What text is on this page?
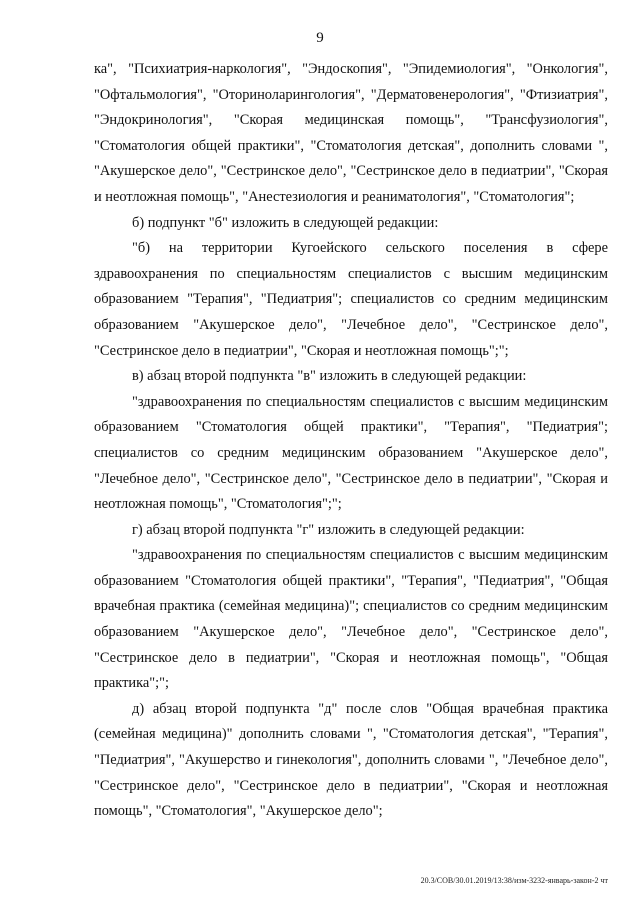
9

ка", "Психиатрия-наркология", "Эндоскопия", "Эпидемиология", "Онкология", "Офтальмология", "Оториноларингология", "Дерматовенерология", "Фтизиатрия", "Эндокринология", "Скорая медицинская помощь", "Трансфузиология", "Стоматология общей практики", "Стоматология детская", дополнить словами ", "Акушерское дело", "Сестринское дело", "Сестринское дело в педиатрии", "Скорая и неотложная помощь", "Анестезиология и реаниматология", "Стоматология";

б) подпункт "б" изложить в следующей редакции:

"б) на территории Кугоейского сельского поселения в сфере здравоохранения по специальностям специалистов с высшим медицинским образованием "Терапия", "Педиатрия"; специалистов со средним медицинским образованием "Акушерское дело", "Лечебное дело", "Сестринское дело", "Сестринское дело в педиатрии", "Скорая и неотложная помощь";";

в) абзац второй подпункта "в" изложить в следующей редакции:

"здравоохранения по специальностям специалистов с высшим медицинским образованием "Стоматология общей практики", "Терапия", "Педиатрия"; специалистов со средним медицинским образованием "Акушерское дело", "Лечебное дело", "Сестринское дело", "Сестринское дело в педиатрии", "Скорая и неотложная помощь", "Стоматология";";

г) абзац второй подпункта "г" изложить в следующей редакции:

"здравоохранения по специальностям специалистов с высшим медицинским образованием "Стоматология общей практики", "Терапия", "Педиатрия", "Общая врачебная практика (семейная медицина)"; специалистов со средним медицинским образованием "Акушерское дело", "Лечебное дело", "Сестринское дело", "Сестринское дело в педиатрии", "Скорая и неотложная помощь", "Общая практика";";

д) абзац второй подпункта "д" после слов "Общая врачебная практика (семейная медицина)" дополнить словами ", "Стоматология детская", "Терапия", "Педиатрия", "Акушерство и гинекология", дополнить словами ", "Лечебное дело", "Сестринское дело", "Сестринское дело в педиатрии", "Скорая и неотложная помощь", "Стоматология", "Акушерское дело";

20.3/СОВ/30.01.2019/13:38/изм-3232-январь-закон-2 чт
